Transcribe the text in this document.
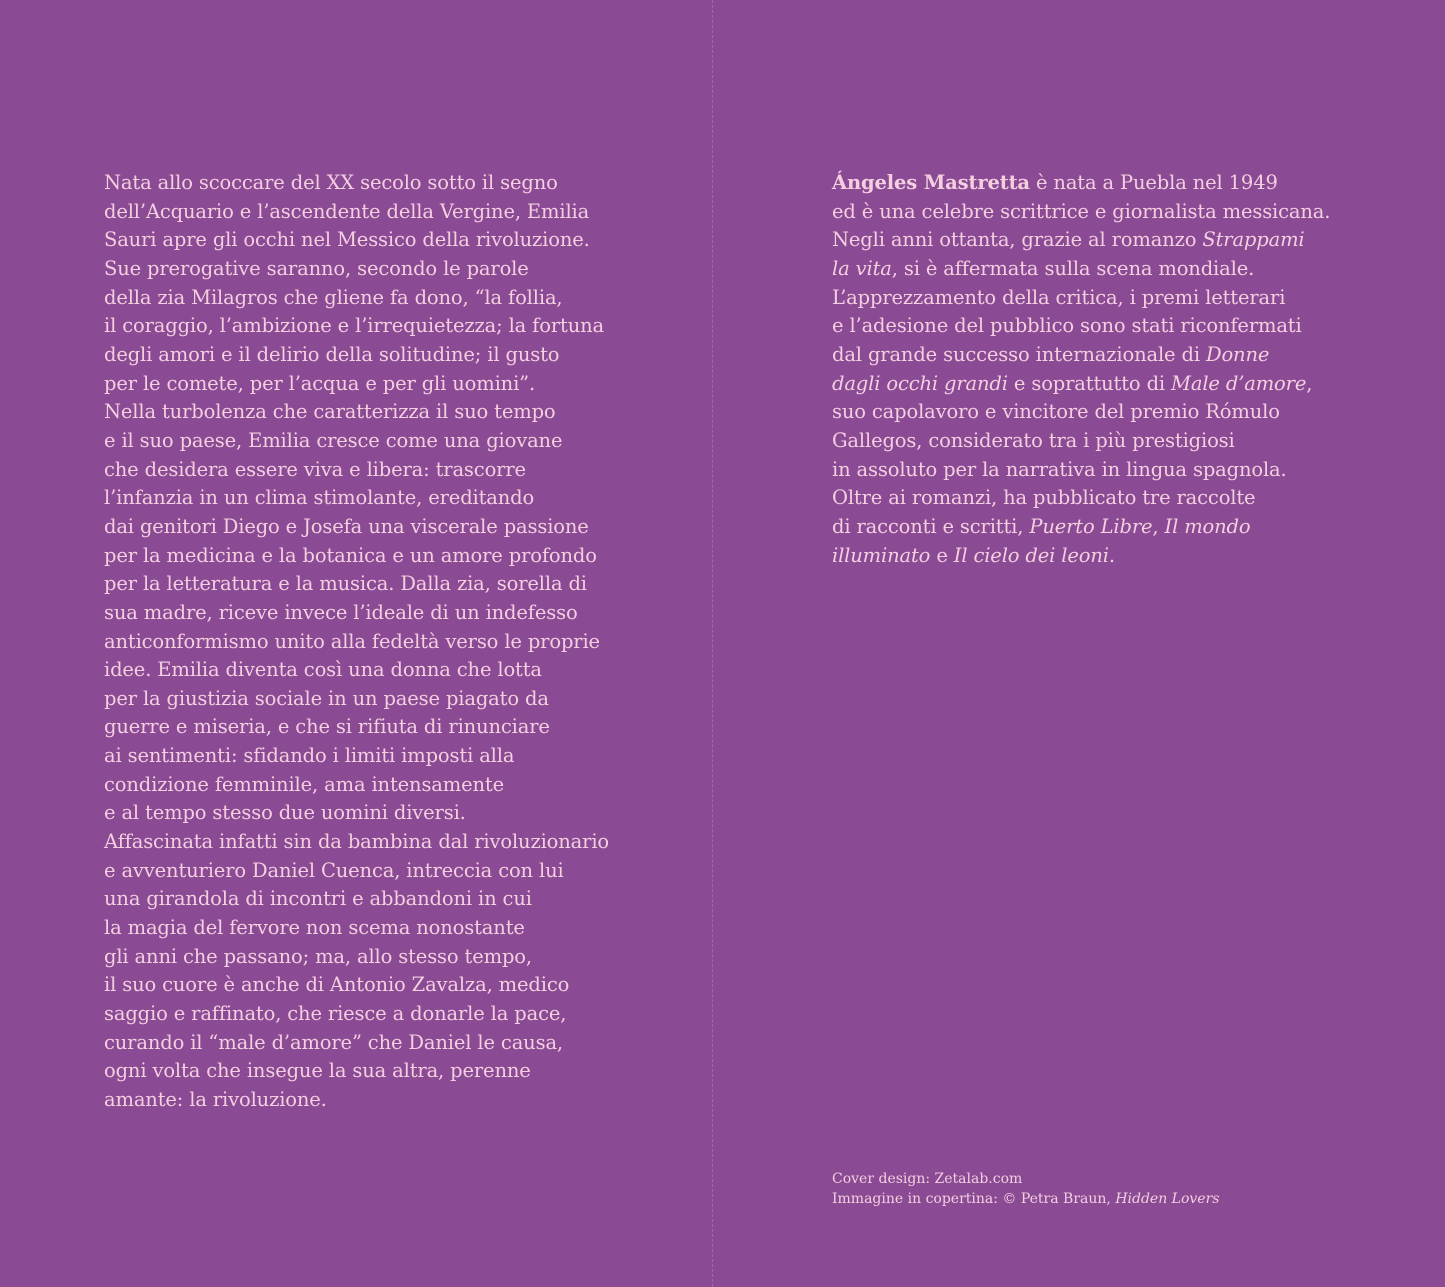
Nata allo scoccare del XX secolo sotto il segno
dell’Acquario e l’ascendente della Vergine, Emilia
Sauri apre gli occhi nel Messico della rivoluzione.
Sue prerogative saranno, secondo le parole
della zia Milagros che gliene fa dono, “la follia,
il coraggio, l’ambizione e l’irrequietezza; la fortuna
degli amori e il delirio della solitudine; il gusto
per le comete, per l’acqua e per gli uomini”.
Nella turbolenza che caratterizza il suo tempo
e il suo paese, Emilia cresce come una giovane
che desidera essere viva e libera: trascorre
l’infanzia in un clima stimolante, ereditando
dai genitori Diego e Josefa una viscerale passione
per la medicina e la botanica e un amore profondo
per la letteratura e la musica. Dalla zia, sorella di
sua madre, riceve invece l’ideale di un indefesso
anticonformismo unito alla fedeltà verso le proprie
idee. Emilia diventa così una donna che lotta
per la giustizia sociale in un paese piagato da
guerre e miseria, e che si rifiuta di rinunciare
ai sentimenti: sfidando i limiti imposti alla
condizione femminile, ama intensamente
e al tempo stesso due uomini diversi.
Affascinata infatti sin da bambina dal rivoluzionario
e avventuriero Daniel Cuenca, intreccia con lui
una girandola di incontri e abbandoni in cui
la magia del fervore non scema nonostante
gli anni che passano; ma, allo stesso tempo,
il suo cuore è anche di Antonio Zavalza, medico
saggio e raffinato, che riesce a donarle la pace,
curando il “male d’amore” che Daniel le causa,
ogni volta che insegue la sua altra, perenne
amante: la rivoluzione.
Ángeles Mastretta è nata a Puebla nel 1949
ed è una celebre scrittrice e giornalista messicana.
Negli anni ottanta, grazie al romanzo Strappami
la vita, si è affermata sulla scena mondiale.
L’apprezzamento della critica, i premi letterari
e l’adesione del pubblico sono stati riconfermati
dal grande successo internazionale di Donne
dagli occhi grandi e soprattutto di Male d’amore,
suo capolavoro e vincitore del premio Rómulo
Gallegos, considerato tra i più prestigiosi
in assoluto per la narrativa in lingua spagnola.
Oltre ai romanzi, ha pubblicato tre raccolte
di racconti e scritti, Puerto Libre, Il mondo
illuminato e Il cielo dei leoni.
Cover design: Zetalab.com
Immagine in copertina: © Petra Braun, Hidden Lovers
